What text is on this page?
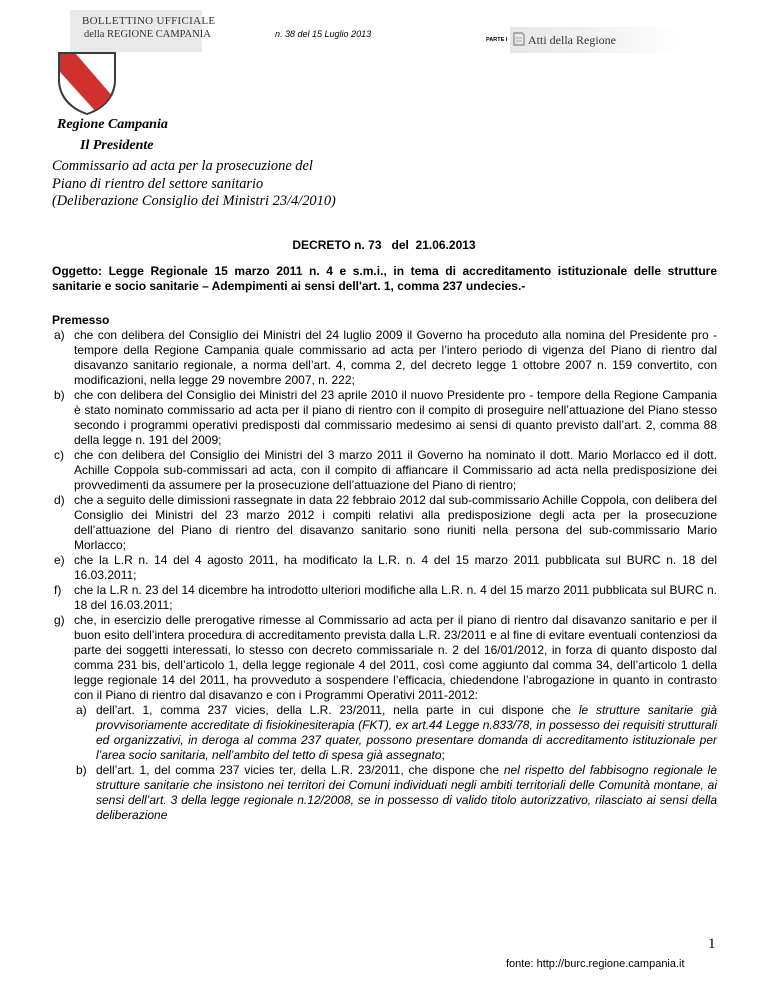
BOLLETTINO UFFICIALE
della REGIONE CAMPANIA	n. 38 del 15 Luglio 2013
PARTE I Atti della Regione
Regione Campania
Il Presidente
Commissario ad acta per la prosecuzione del
Piano di rientro del settore sanitario
(Deliberazione Consiglio dei Ministri 23/4/2010)
DECRETO n. 73   del  21.06.2013
Oggetto: Legge Regionale 15 marzo 2011 n. 4 e s.m.i., in tema di accreditamento istituzionale delle strutture sanitarie e socio sanitarie – Adempimenti ai sensi dell'art. 1, comma 237 undecies.-
Premesso
a) che con delibera del Consiglio dei Ministri del 24 luglio 2009 il Governo ha proceduto alla nomina del Presidente pro - tempore della Regione Campania quale commissario ad acta per l’intero periodo di vigenza del Piano di rientro dal disavanzo sanitario regionale, a norma dell’art. 4, comma 2, del decreto legge 1 ottobre 2007 n. 159 convertito, con modificazioni, nella legge 29 novembre 2007, n. 222;
b) che con delibera del Consiglio dei Ministri del 23 aprile 2010 il nuovo Presidente pro - tempore della Regione Campania è stato nominato commissario ad acta per il piano di rientro con il compito di proseguire nell’attuazione del Piano stesso secondo i programmi operativi predisposti dal commissario medesimo ai sensi di quanto previsto dall’art. 2, comma 88 della legge n. 191 del 2009;
c) che con delibera del Consiglio dei Ministri del 3 marzo 2011 il Governo ha nominato il dott. Mario Morlacco ed il dott. Achille Coppola sub-commissari ad acta, con il compito di affiancare il Commissario ad acta nella predisposizione dei provvedimenti da assumere per la prosecuzione dell’attuazione del Piano di rientro;
d) che a seguito delle dimissioni rassegnate in data 22 febbraio 2012 dal sub-commissario Achille Coppola, con delibera del Consiglio dei Ministri del 23 marzo 2012 i compiti relativi alla predisposizione degli acta per la prosecuzione dell’attuazione del Piano di rientro del disavanzo sanitario sono riuniti nella persona del sub-commissario Mario Morlacco;
e) che la L.R n. 14 del 4 agosto 2011, ha modificato la L.R. n. 4 del 15 marzo 2011 pubblicata sul BURC n. 18 del 16.03.2011;
f) che la L.R n. 23 del 14 dicembre ha introdotto ulteriori modifiche alla L.R. n. 4 del 15 marzo 2011 pubblicata sul BURC n. 18 del 16.03.2011;
g) che, in esercizio delle prerogative rimesse al Commissario ad acta per il piano di rientro dal disavanzo sanitario e per il buon esito dell’intera procedura di accreditamento prevista dalla L.R. 23/2011 e al fine di evitare eventuali contenziosi da parte dei soggetti interessati, lo stesso con decreto commissariale n. 2 del 16/01/2012, in forza di quanto disposto dal comma 231 bis, dell’articolo 1, della legge regionale 4 del 2011, così come aggiunto dal comma 34, dell’articolo 1 della legge regionale 14 del 2011, ha provveduto a sospendere l’efficacia, chiedendone l’abrogazione in quanto in contrasto con il Piano di rientro dal disavanzo e con i Programmi Operativi 2011-2012:
a) dell’art. 1, comma 237 vicies, della L.R. 23/2011, nella parte in cui dispone che le strutture sanitarie già provvisoriamente accreditate di fisiokinesiterapia (FKT), ex art.44 Legge n.833/78, in possesso dei requisiti strutturali ed organizzativi, in deroga al comma 237 quater, possono presentare domanda di accreditamento istituzionale per l’area socio sanitaria, nell’ambito del tetto di spesa già assegnato;
b) dell’art. 1, del comma 237 vicies ter, della L.R. 23/2011, che dispone che nel rispetto del fabbisogno regionale le strutture sanitarie che insistono nei territori dei Comuni individuati negli ambiti territoriali delle Comunità montane, ai sensi dell’art. 3 della legge regionale n.12/2008, se in possesso di valido titolo autorizzativo, rilasciato ai sensi della deliberazione
1
fonte: http://burc.regione.campania.it
